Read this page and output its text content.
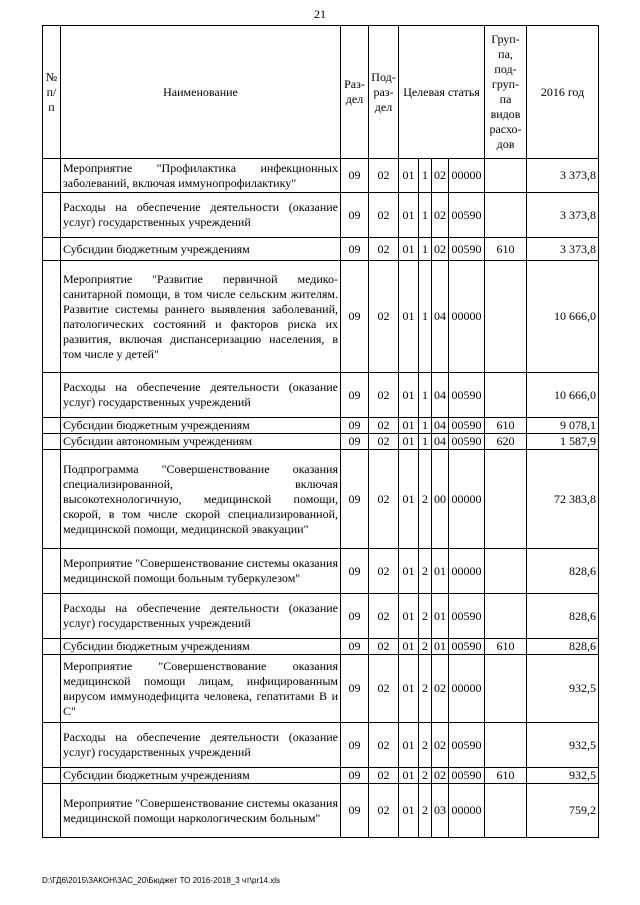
21
№ п/ п	Наименование	Раз-дел	Под-раз-дел	Целевая статья				Груп-па, под-груп-па видов расхо-дов	2016 год
	Мероприятие "Профилактика инфекционных заболеваний, включая иммунопрофилактику"	09	02	01	1	02	00000		3 373,8
	Расходы на обеспечение деятельности (оказание услуг) государственных учреждений	09	02	01	1	02	00590		3 373,8
	Субсидии бюджетным учреждениям	09	02	01	1	02	00590	610	3 373,8
	Мероприятие "Развитие первичной медико-санитарной помощи, в том числе сельским жителям. Развитие системы раннего выявления заболеваний, патологических состояний и факторов риска их развития, включая диспансеризацию населения, в том числе у детей"	09	02	01	1	04	00000		10 666,0
	Расходы на обеспечение деятельности (оказание услуг) государственных учреждений	09	02	01	1	04	00590		10 666,0
	Субсидии бюджетным учреждениям	09	02	01	1	04	00590	610	9 078,1
	Субсидии автономным учреждениям	09	02	01	1	04	00590	620	1 587,9
	Подпрограмма "Совершенствование оказания специализированной, включая высокотехнологичную, медицинской помощи, скорой, в том числе скорой специализированной, медицинской помощи, медицинской эвакуации"	09	02	01	2	00	00000		72 383,8
	Мероприятие "Совершенствование системы оказания медицинской помощи больным туберкулезом"	09	02	01	2	01	00000		828,6
	Расходы на обеспечение деятельности (оказание услуг) государственных учреждений	09	02	01	2	01	00590		828,6
	Субсидии бюджетным учреждениям	09	02	01	2	01	00590	610	828,6
	Мероприятие "Совершенствование оказания медицинской помощи лицам, инфицированным вирусом иммунодефицита человека, гепатитами В и С"	09	02	01	2	02	00000		932,5
	Расходы на обеспечение деятельности (оказание услуг) государственных учреждений	09	02	01	2	02	00590		932,5
	Субсидии бюджетным учреждениям	09	02	01	2	02	00590	610	932,5
	Мероприятие "Совершенствование системы оказания медицинской помощи наркологическим больным"	09	02	01	2	03	00000		759,2
D:\ГД6\2015\ЗАКОН\ЗАС_20\Бюджет ТО 2016-2018_3 чт\pr14.xls
